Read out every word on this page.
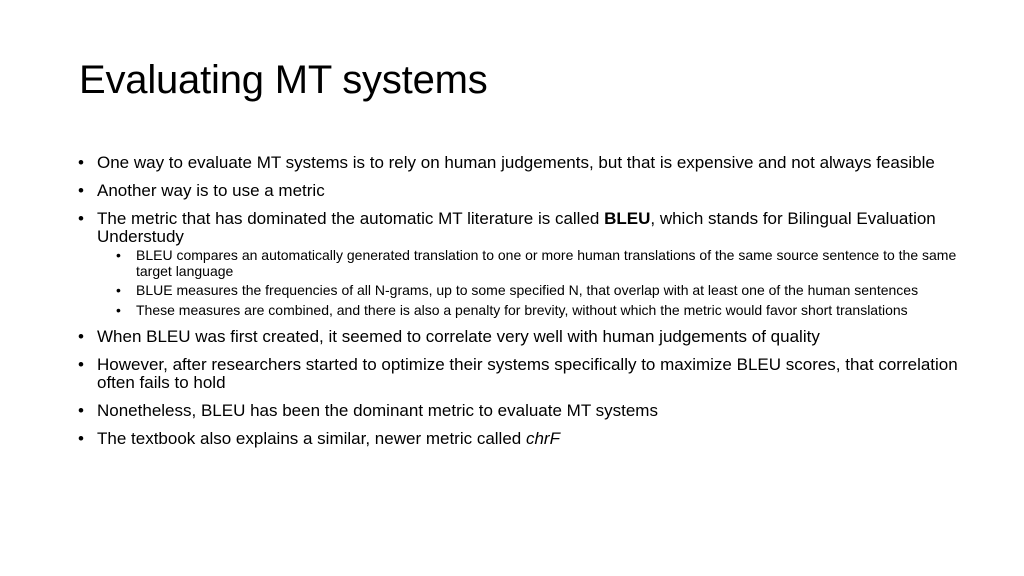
Evaluating MT systems
• One way to evaluate MT systems is to rely on human judgements, but that is expensive and not always feasible
• Another way is to use a metric
• The metric that has dominated the automatic MT literature is called BLEU, which stands for Bilingual Evaluation Understudy
• BLEU compares an automatically generated translation to one or more human translations of the same source sentence to the same target language
• BLUE measures the frequencies of all N-grams, up to some specified N, that overlap with at least one of the human sentences
• These measures are combined, and there is also a penalty for brevity, without which the metric would favor short translations
• When BLEU was first created, it seemed to correlate very well with human judgements of quality
• However, after researchers started to optimize their systems specifically to maximize BLEU scores, that correlation often fails to hold
• Nonetheless, BLEU has been the dominant metric to evaluate MT systems
• The textbook also explains a similar, newer metric called chrF
